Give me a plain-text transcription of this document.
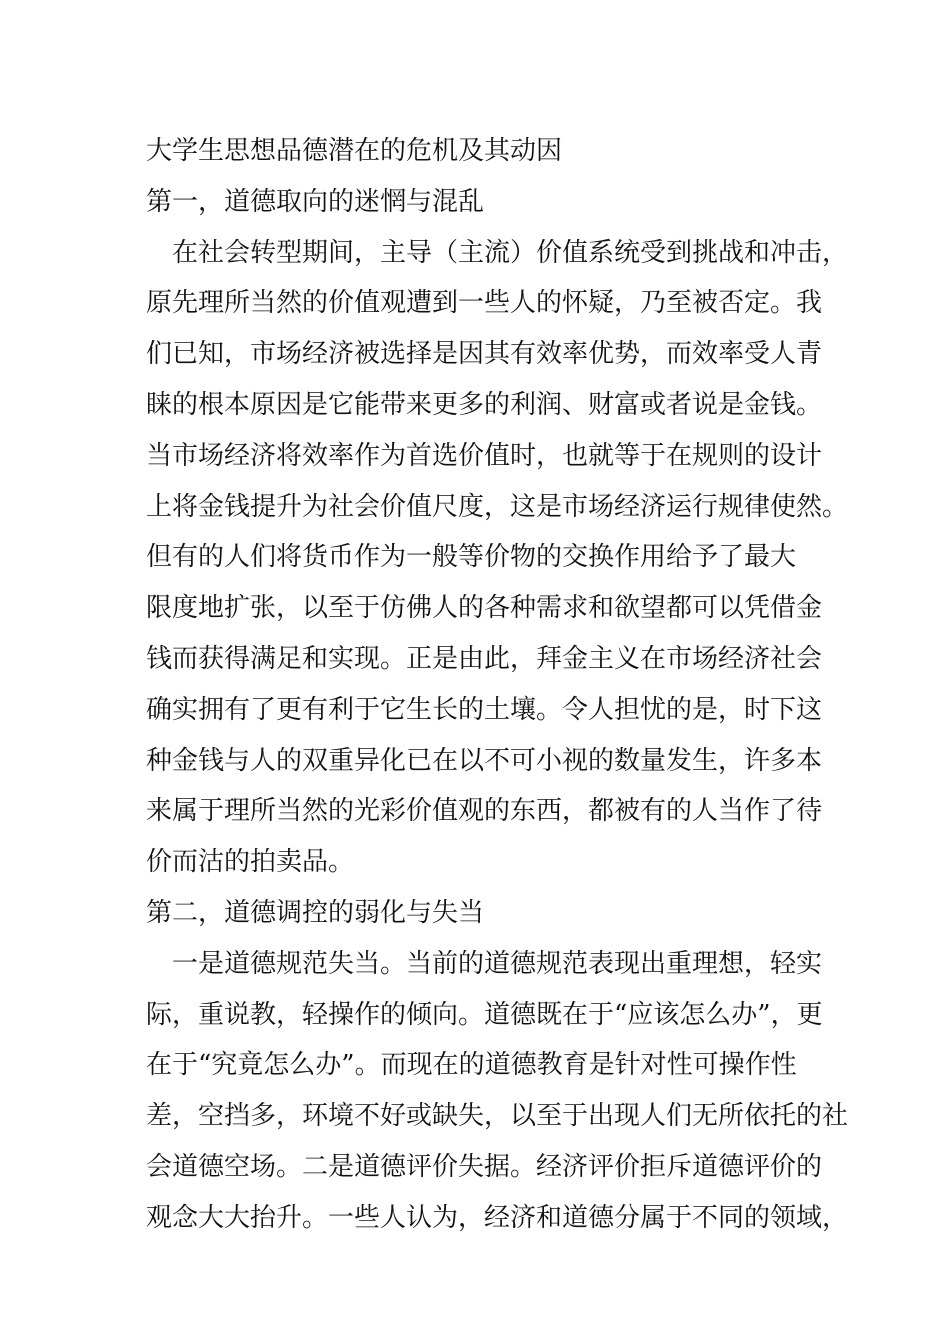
大学生思想品德潜在的危机及其动因
第一，道德取向的迷惘与混乱
在社会转型期间，主导（主流）价值系统受到挑战和冲击，
原先理所当然的价值观遭到一些人的怀疑，乃至被否定。我
们已知，市场经济被选择是因其有效率优势，而效率受人青
睐的根本原因是它能带来更多的利润、财富或者说是金钱。
当市场经济将效率作为首选价值时，也就等于在规则的设计
上将金钱提升为社会价值尺度，这是市场经济运行规律使然。
但有的人们将货币作为一般等价物的交换作用给予了最大
限度地扩张，以至于仿佛人的各种需求和欲望都可以凭借金
钱而获得满足和实现。正是由此，拜金主义在市场经济社会
确实拥有了更有利于它生长的土壤。令人担忧的是，时下这
种金钱与人的双重异化已在以不可小视的数量发生，许多本
来属于理所当然的光彩价值观的东西，都被有的人当作了待
价而沽的拍卖品。
第二，道德调控的弱化与失当
一是道德规范失当。当前的道德规范表现出重理想，轻实
际，重说教，轻操作的倾向。道德既在于“应该怎么办”，更
在于“究竟怎么办”。而现在的道德教育是针对性可操作性
差，空挡多，环境不好或缺失，以至于出现人们无所依托的社
会道德空场。二是道德评价失据。经济评价拒斥道德评价的
观念大大抬升。一些人认为，经济和道德分属于不同的领域，
